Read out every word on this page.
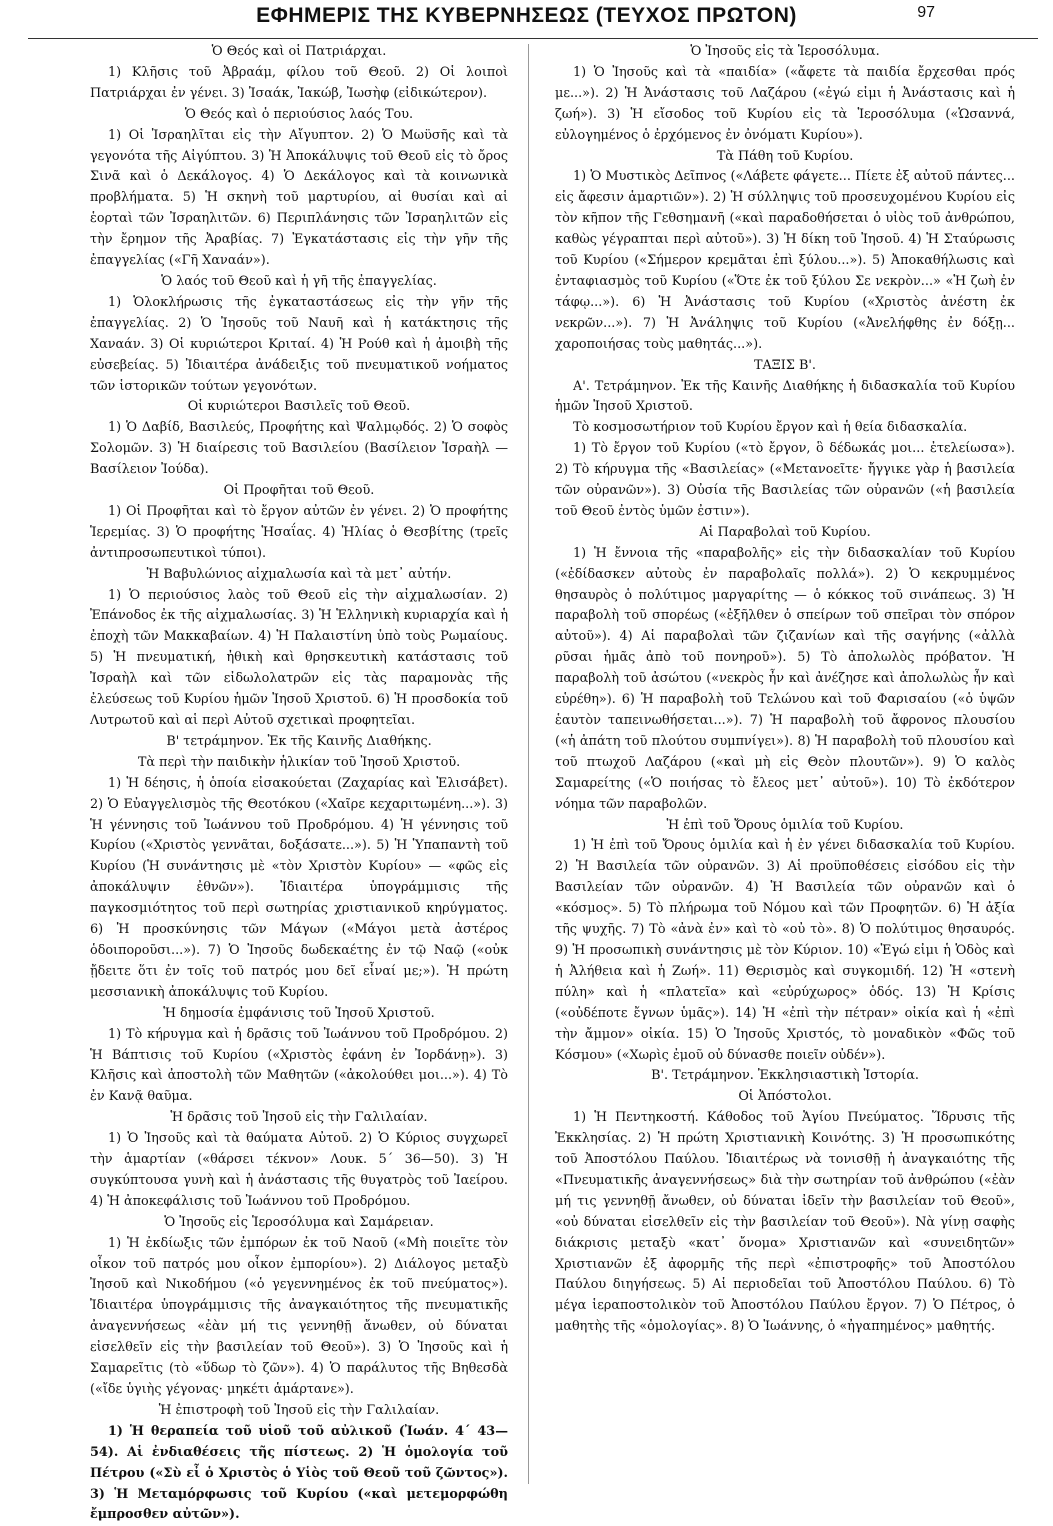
ΕΦΗΜΕΡΙΣ ΤΗΣ ΚΥΒΕΡΝΗΣΕΩΣ (ΤΕΥΧΟΣ ΠΡΩΤΟΝ)	97
Ὁ Θεός καὶ οἱ Πατριάρχαι.
1) Κλῆσις τοῦ Ἀβραάμ, φίλου τοῦ Θεοῦ. 2) Οἱ λοιποὶ Πατριάρχαι ἐν γένει. 3) Ἰσαάκ, Ἰακώβ, Ἰωσὴφ (εἰδικώτερον).
Ὁ Θεός καὶ ὁ περιούσιος λαός Του.
1) Οἱ Ἰσραηλῖται εἰς τὴν Αἴγυπτον. 2) Ὁ Μωϋσῆς καὶ τὰ γεγονότα τῆς Αἰγύπτου. 3) Ἡ Ἀποκάλυψις τοῦ Θεοῦ εἰς τὸ ὄρος Σινᾶ καὶ ὁ Δεκάλογος. 4) Ὁ Δεκάλογος καὶ τὰ κοινωνικὰ προβλήματα. 5) Ἡ σκηνὴ τοῦ μαρτυρίου, αἱ θυσίαι καὶ αἱ ἑορταὶ τῶν Ἰσραηλιτῶν. 6) Περιπλάνησις τῶν Ἰσραηλιτῶν εἰς τὴν ἔρημον τῆς Ἀραβίας. 7) Ἐγκατάστασις εἰς τὴν γῆν τῆς ἐπαγγελίας («Γῆ Χαναάν»).
Ὁ λαός τοῦ Θεοῦ καὶ ἡ γῆ τῆς ἐπαγγελίας.
1) Ὁλοκλήρωσις τῆς ἐγκαταστάσεως εἰς τὴν γῆν τῆς ἐπαγγελίας. 2) Ὁ Ἰησοῦς τοῦ Ναυῆ καὶ ἡ κατάκτησις τῆς Χαναάν. 3) Οἱ κυριώτεροι Κριταί. 4) Ἡ Ρούθ καὶ ἡ ἀμοιβὴ τῆς εὐσεβείας. 5) Ἰδιαιτέρα ἀνάδειξις τοῦ πνευματικοῦ νοήματος τῶν ἱστορικῶν τούτων γεγονότων.
Οἱ κυριώτεροι Βασιλεῖς τοῦ Θεοῦ.
1) Ὁ Δαβίδ, Βασιλεύς, Προφήτης καὶ Ψαλμῳδός. 2) Ὁ σοφὸς Σολομῶν. 3) Ἡ διαίρεσις τοῦ Βασιλείου (Βασίλειον Ἰσραὴλ — Βασίλειον Ἰούδα).
Οἱ Προφῆται τοῦ Θεοῦ.
1) Οἱ Προφῆται καὶ τὸ ἔργον αὐτῶν ἐν γένει. 2) Ὁ προφήτης Ἱερεμίας. 3) Ὁ προφήτης Ἡσαΐας. 4) Ἠλίας ὁ Θεσβίτης (τρεῖς ἀντιπροσωπευτικοὶ τύποι).
Ἡ Βαβυλώνιος αἰχμαλωσία καὶ τὰ μετ᾽ αὐτήν.
1) Ὁ περιούσιος λαὸς τοῦ Θεοῦ εἰς τὴν αἰχμαλωσίαν. 2) Ἐπάνοδος ἐκ τῆς αἰχμαλωσίας. 3) Ἡ Ἑλληνικὴ κυριαρχία καὶ ἡ ἐποχὴ τῶν Μακκαβαίων. 4) Ἡ Παλαιστίνη ὑπὸ τοὺς Ρωμαίους. 5) Ἡ πνευματική, ἠθικὴ καὶ θρησκευτικὴ κατάστασις τοῦ Ἰσραὴλ καὶ τῶν εἰδωλολατρῶν εἰς τὰς παραμονὰς τῆς ἐλεύσεως τοῦ Κυρίου ἡμῶν Ἰησοῦ Χριστοῦ. 6) Ἡ προσδοκία τοῦ Λυτρωτοῦ καὶ αἱ περὶ Αὐτοῦ σχετικαὶ προφητεῖαι.
Β' τετράμηνον. Ἐκ τῆς Καινῆς Διαθήκης.
Τὰ περὶ τὴν παιδικὴν ἡλικίαν τοῦ Ἰησοῦ Χριστοῦ.
1) Ἡ δέησις, ἡ ὁποία εἰσακούεται (Ζαχαρίας καὶ Ἐλισάβετ). 2) Ὁ Εὐαγγελισμὸς τῆς Θεοτόκου («Χαῖρε κεχαριτωμένη...»). 3) Ἡ γέννησις τοῦ Ἰωάννου τοῦ Προδρόμου. 4) Ἡ γέννησις τοῦ Κυρίου («Χριστὸς γεννᾶται, δοξάσατε...»). 5) Ἡ Ὑπαπαντὴ τοῦ Κυρίου (Ἡ συνάντησις μὲ «τὸν Χριστὸν Κυρίου» — «φῶς εἰς ἀποκάλυψιν ἐθνῶν»). Ἰδιαιτέρα ὑπογράμμισις τῆς παγκοσμιότητος τοῦ περὶ σωτηρίας χριστιανικοῦ κηρύγματος. 6) Ἡ προσκύνησις τῶν Μάγων («Μάγοι μετὰ ἀστέρος ὁδοιποροῦσι...»). 7) Ὁ Ἰησοῦς δωδεκαέτης ἐν τῷ Ναῷ («οὐκ ᾔδειτε ὅτι ἐν τοῖς τοῦ πατρός μου δεῖ εἶναί με;»). Ἡ πρώτη μεσσιανικὴ ἀποκάλυψις τοῦ Κυρίου.
Ἡ δημοσία ἐμφάνισις τοῦ Ἰησοῦ Χριστοῦ.
1) Τὸ κήρυγμα καὶ ἡ δρᾶσις τοῦ Ἰωάννου τοῦ Προδρόμου. 2) Ἡ Βάπτισις τοῦ Κυρίου («Χριστὸς ἐφάνη ἐν Ἰορδάνῃ»). 3) Κλῆσις καὶ ἀποστολὴ τῶν Μαθητῶν («ἀκολούθει μοι...»). 4) Τὸ ἐν Κανᾷ θαῦμα.
Ἡ δρᾶσις τοῦ Ἰησοῦ εἰς τὴν Γαλιλαίαν.
1) Ὁ Ἰησοῦς καὶ τὰ θαύματα Αὐτοῦ. 2) Ὁ Κύριος συγχωρεῖ τὴν ἁμαρτίαν («θάρσει τέκνον» Λουκ. 5΄ 36—50). 3) Ἡ συγκύπτουσα γυνὴ καὶ ἡ ἀνάστασις τῆς θυγατρὸς τοῦ Ἰαείρου. 4) Ἡ ἀποκεφάλισις τοῦ Ἰωάννου τοῦ Προδρόμου.
Ὁ Ἰησοῦς εἰς Ἱεροσόλυμα καὶ Σαμάρειαν.
1) Ἡ ἐκδίωξις τῶν ἐμπόρων ἐκ τοῦ Ναοῦ («Μὴ ποιεῖτε τὸν οἶκον τοῦ πατρός μου οἶκον ἐμπορίου»). 2) Διάλογος μεταξὺ Ἰησοῦ καὶ Νικοδήμου («ὁ γεγεννημένος ἐκ τοῦ πνεύματος»). Ἰδιαιτέρα ὑπογράμμισις τῆς ἀναγκαιότητος τῆς πνευματικῆς ἀναγεννήσεως «ἐὰν μή τις γεννηθῇ ἄνωθεν, οὐ δύναται εἰσελθεῖν εἰς τὴν βασιλείαν τοῦ Θεοῦ»). 3) Ὁ Ἰησοῦς καὶ ἡ Σαμαρεῖτις (τὸ «ὕδωρ τὸ ζῶν»). 4) Ὁ παράλυτος τῆς Βηθεσδὰ («ἴδε ὑγιὴς γέγονας· μηκέτι ἁμάρτανε»).
Ἡ ἐπιστροφὴ τοῦ Ἰησοῦ εἰς τὴν Γαλιλαίαν.
1) Ἡ θεραπεία τοῦ υἱοῦ τοῦ αὐλικοῦ (Ἰωάν. 4΄ 43—54). Αἱ ἐνδιαθέσεις τῆς πίστεως. 2) Ἡ ὁμολογία τοῦ Πέτρου («Σὺ εἶ ὁ Χριστὸς ὁ Υἱὸς τοῦ Θεοῦ τοῦ ζῶντος»). 3) Ἡ Μεταμόρφωσις τοῦ Κυρίου («καὶ μετεμορφώθη ἔμπροσθεν αὐτῶν»).
Ὁ Ἰησοῦς εἰς τὰ Ἱεροσόλυμα.
1) Ὁ Ἰησοῦς καὶ τὰ «παιδία» («ἄφετε τὰ παιδία ἔρχεσθαι πρός με...»). 2) Ἡ Ἀνάστασις τοῦ Λαζάρου («ἐγώ εἰμι ἡ Ἀνάστασις καὶ ἡ ζωή»). 3) Ἡ εἴσοδος τοῦ Κυρίου εἰς τὰ Ἱεροσόλυμα («Ὡσαννά, εὐλογημένος ὁ ἐρχόμενος ἐν ὀνόματι Κυρίου»).
Τὰ Πάθη τοῦ Κυρίου.
1) Ὁ Μυστικὸς Δεῖπνος («Λάβετε φάγετε... Πίετε ἐξ αὐτοῦ πάντες... εἰς ἄφεσιν ἁμαρτιῶν»). 2) Ἡ σύλληψις τοῦ προσευχομένου Κυρίου εἰς τὸν κῆπον τῆς Γεθσημανῆ («καὶ παραδοθήσεται ὁ υἱὸς τοῦ ἀνθρώπου, καθὼς γέγραπται περὶ αὐτοῦ»). 3) Ἡ δίκη τοῦ Ἰησοῦ. 4) Ἡ Σταύρωσις τοῦ Κυρίου («Σήμερον κρεμᾶται ἐπὶ ξύλου...»). 5) Ἀποκαθήλωσις καὶ ἐνταφιασμὸς τοῦ Κυρίου («Ὅτε ἐκ τοῦ ξύλου Σε νεκρὸν...» «Ἡ ζωὴ ἐν τάφῳ...»). 6) Ἡ Ἀνάστασις τοῦ Κυρίου («Χριστὸς ἀνέστη ἐκ νεκρῶν...»). 7) Ἡ Ἀνάληψις τοῦ Κυρίου («Ἀνελήφθης ἐν δόξῃ... χαροποιήσας τοὺς μαθητάς...»).
ΤΑΞΙΣ Β'.
Α'. Τετράμηνον. Ἐκ τῆς Καινῆς Διαθήκης ἡ διδασκαλία τοῦ Κυρίου ἡμῶν Ἰησοῦ Χριστοῦ.
Τὸ κοσμοσωτήριον τοῦ Κυρίου ἔργον καὶ ἡ θεία διδασκαλία.
1) Τὸ ἔργον τοῦ Κυρίου («τὸ ἔργον, ὃ δέδωκάς μοι... ἐτελείωσα»). 2) Τὸ κήρυγμα τῆς «Βασιλείας» («Μετανοεῖτε· ἤγγικε γὰρ ἡ βασιλεία τῶν οὐρανῶν»). 3) Οὐσία τῆς Βασιλείας τῶν οὐρανῶν («ἡ βασιλεία τοῦ Θεοῦ ἐντὸς ὑμῶν ἐστιν»).
Αἱ Παραβολαὶ τοῦ Κυρίου.
1) Ἡ ἔννοια τῆς «παραβολῆς» εἰς τὴν διδασκαλίαν τοῦ Κυρίου («ἐδίδασκεν αὐτοὺς ἐν παραβολαῖς πολλά»). 2) Ὁ κεκρυμμένος θησαυρὸς ὁ πολύτιμος μαργαρίτης — ὁ κόκκος τοῦ σινάπεως. 3) Ἡ παραβολὴ τοῦ σπορέως («ἐξῆλθεν ὁ σπείρων τοῦ σπεῖραι τὸν σπόρον αὐτοῦ»). 4) Αἱ παραβολαὶ τῶν ζιζανίων καὶ τῆς σαγήνης («ἀλλὰ ρῦσαι ἡμᾶς ἀπὸ τοῦ πονηροῦ»). 5) Τὸ ἀπολωλὸς πρόβατον. Ἡ παραβολὴ τοῦ ἀσώτου («νεκρὸς ἦν καὶ ἀνέζησε καὶ ἀπολωλὼς ἦν καὶ εὑρέθη»). 6) Ἡ παραβολὴ τοῦ Τελώνου καὶ τοῦ Φαρισαίου («ὁ ὑψῶν ἑαυτὸν ταπεινωθήσεται...»). 7) Ἡ παραβολὴ τοῦ ἄφρονος πλουσίου («ἡ ἀπάτη τοῦ πλούτου συμπνίγει»). 8) Ἡ παραβολὴ τοῦ πλουσίου καὶ τοῦ πτωχοῦ Λαζάρου («καὶ μὴ εἰς Θεὸν πλουτῶν»). 9) Ὁ καλὸς Σαμαρείτης («Ὁ ποιήσας τὸ ἔλεος μετ᾽ αὐτοῦ»). 10) Τὸ ἐκδότερον νόημα τῶν παραβολῶν.
Ἡ ἐπὶ τοῦ Ὄρους ὁμιλία τοῦ Κυρίου.
1) Ἡ ἐπὶ τοῦ Ὄρους ὁμιλία καὶ ἡ ἐν γένει διδασκαλία τοῦ Κυρίου. 2) Ἡ Βασιλεία τῶν οὐρανῶν. 3) Αἱ προϋποθέσεις εἰσόδου εἰς τὴν Βασιλείαν τῶν οὐρανῶν. 4) Ἡ Βασιλεία τῶν οὐρανῶν καὶ ὁ «κόσμος». 5) Τὸ πλήρωμα τοῦ Νόμου καὶ τῶν Προφητῶν. 6) Ἡ ἀξία τῆς ψυχῆς. 7) Τὸ «ἀνὰ ἐν» καὶ τὸ «οὐ τὸ». 8) Ὁ πολύτιμος θησαυρός. 9) Ἡ προσωπικὴ συνάντησις μὲ τὸν Κύριον. 10) «Ἐγώ εἰμι ἡ Ὁδὸς καὶ ἡ Ἀλήθεια καὶ ἡ Ζωή». 11) Θερισμὸς καὶ συγκομιδή. 12) Ἡ «στενὴ πύλη» καὶ ἡ «πλατεῖα» καὶ «εὐρύχωρος» ὁδός. 13) Ἡ Κρίσις («οὐδέποτε ἔγνων ὑμᾶς»). 14) Ἡ «ἐπὶ τὴν πέτραν» οἰκία καὶ ἡ «ἐπὶ τὴν ἄμμον» οἰκία. 15) Ὁ Ἰησοῦς Χριστός, τὸ μοναδικὸν «Φῶς τοῦ Κόσμου» («Χωρὶς ἐμοῦ οὐ δύνασθε ποιεῖν οὐδέν»).
Β'. Τετράμηνον. Ἐκκλησιαστικὴ Ἱστορία.
Οἱ Ἀπόστολοι.
1) Ἡ Πεντηκοστή. Κάθοδος τοῦ Ἁγίου Πνεύματος. Ἵδρυσις τῆς Ἐκκλησίας. 2) Ἡ πρώτη Χριστιανικὴ Κοινότης. 3) Ἡ προσωπικότης τοῦ Ἀποστόλου Παύλου. Ἰδιαιτέρως νὰ τονισθῇ ἡ ἀναγκαιότης τῆς «Πνευματικῆς ἀναγεννήσεως» διὰ τὴν σωτηρίαν τοῦ ἀνθρώπου («ἐὰν μή τις γεννηθῇ ἄνωθεν, οὐ δύναται ἰδεῖν τὴν βασιλείαν τοῦ Θεοῦ», «οὐ δύναται εἰσελθεῖν εἰς τὴν βασιλείαν τοῦ Θεοῦ»). Νὰ γίνῃ σαφὴς διάκρισις μεταξὺ «κατ᾽ ὄνομα» Χριστιανῶν καὶ «συνειδητῶν» Χριστιανῶν ἐξ ἀφορμῆς τῆς περὶ «ἐπιστροφῆς» τοῦ Ἀποστόλου Παύλου διηγήσεως. 5) Αἱ περιοδεῖαι τοῦ Ἀποστόλου Παύλου. 6) Τὸ μέγα ἱεραποστολικὸν τοῦ Ἀποστόλου Παύλου ἔργον. 7) Ὁ Πέτρος, ὁ μαθητὴς τῆς «ὁμολογίας». 8) Ὁ Ἰωάννης, ὁ «ἠγαπημένος» μαθητής.
